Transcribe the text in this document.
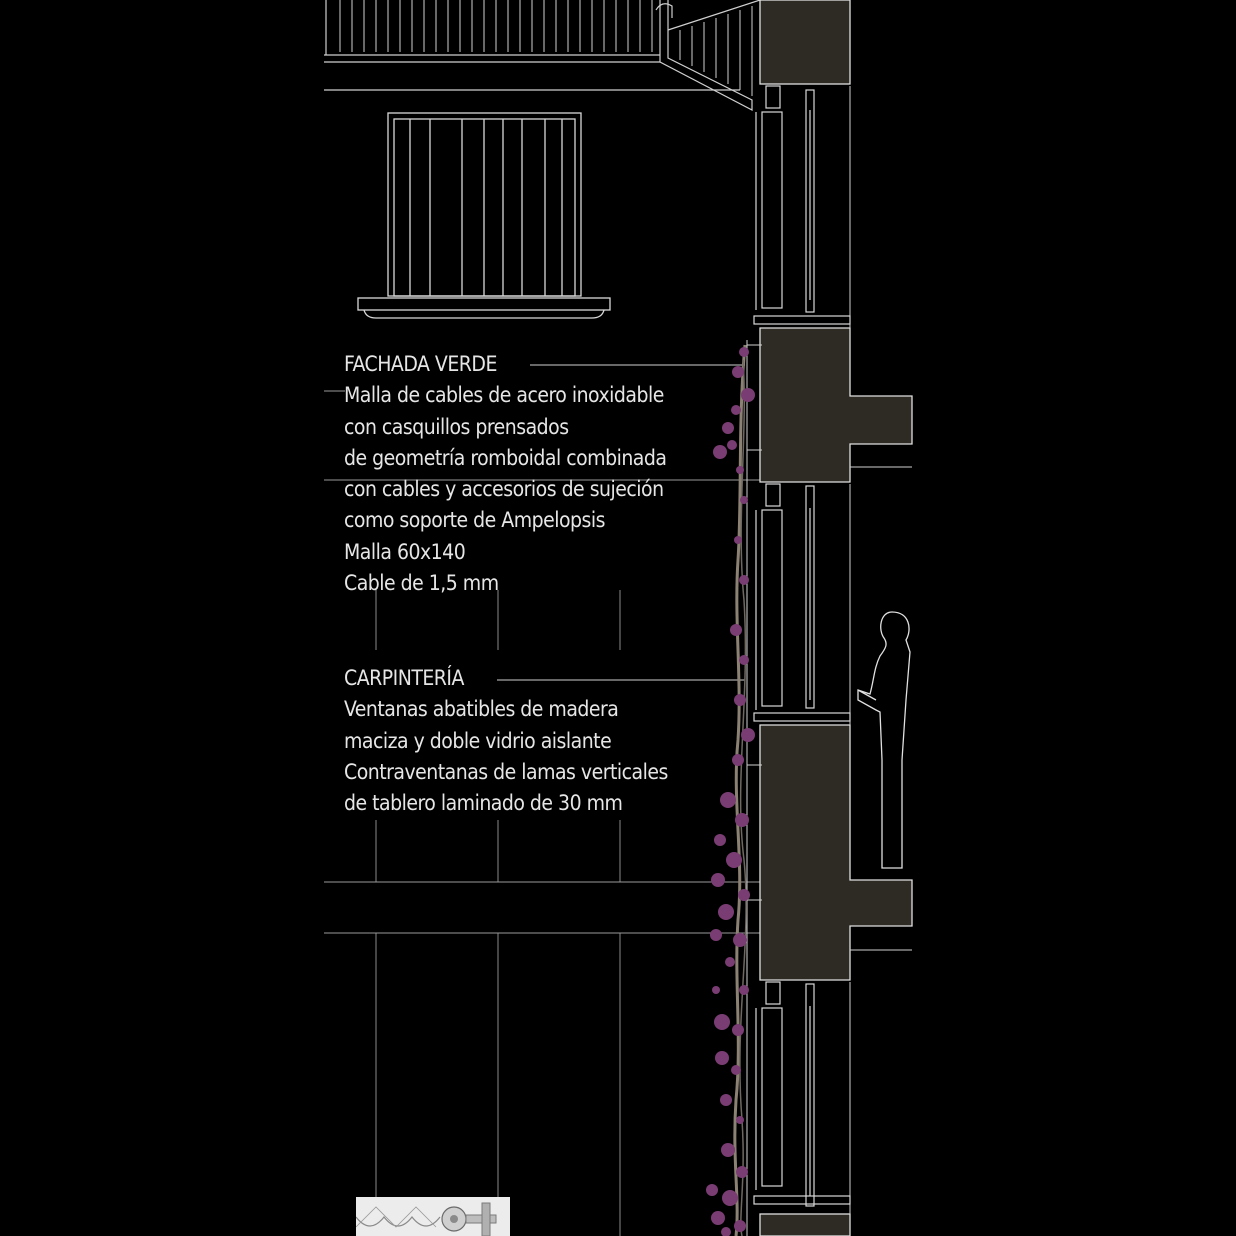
FACHADA VERDE
Malla de cables de acero inoxidable
con casquillos prensados
de geometría romboidal combinada
con cables y accesorios de sujeción
como soporte de Ampelopsis
Malla 60x140
Cable de 1,5 mm
CARPINTERÍA
Ventanas abatibles de madera
maciza y doble vidrio aislante
Contraventanas de lamas verticales
de tablero laminado de 30 mm
